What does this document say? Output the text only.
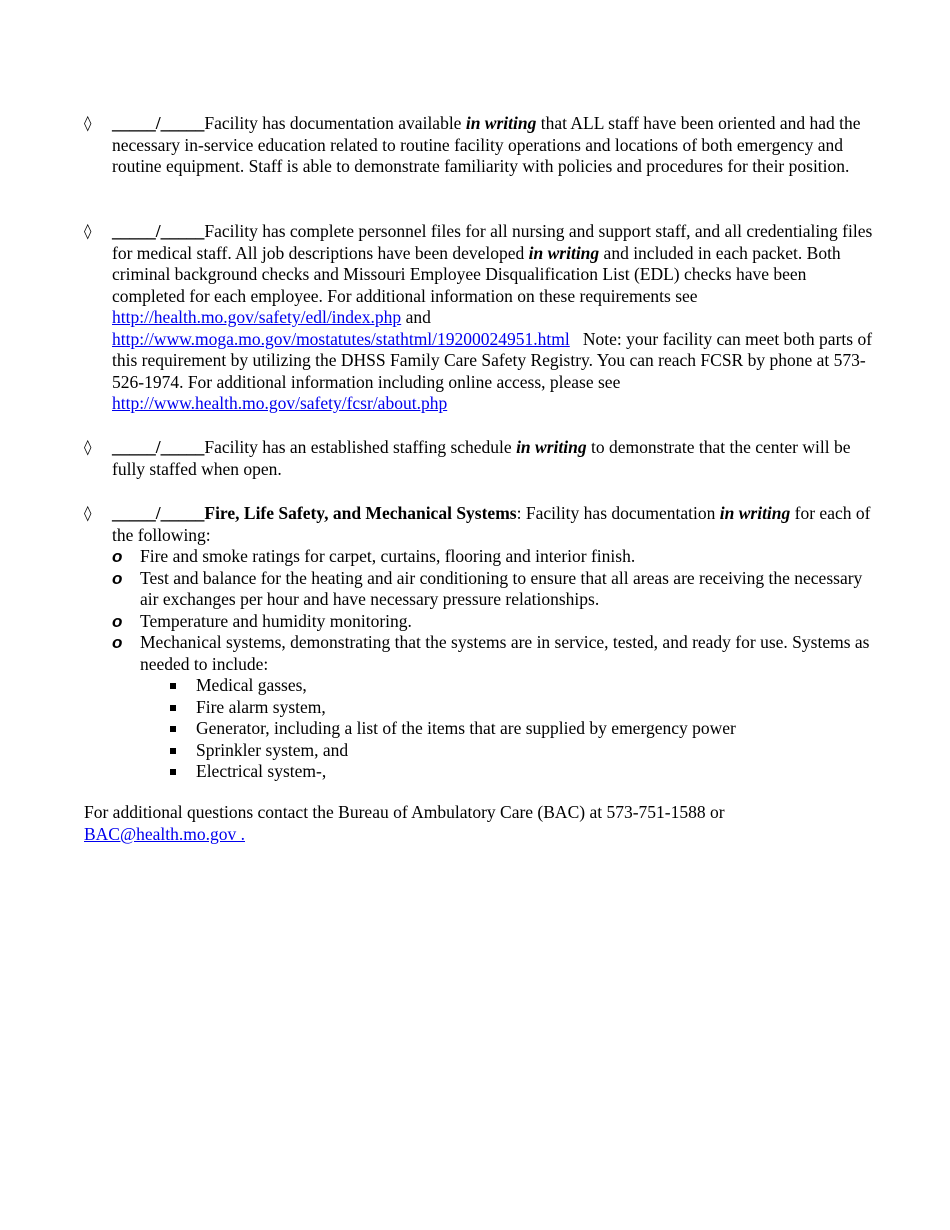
◊	_____/_____Facility has documentation available in writing that ALL staff have been oriented and had the necessary in-service education related to routine facility operations and locations of both emergency and routine equipment. Staff is able to demonstrate familiarity with policies and procedures for their position.
◊	_____/_____Facility has complete personnel files for all nursing and support staff, and all credentialing files for medical staff. All job descriptions have been developed in writing and included in each packet. Both criminal background checks and Missouri Employee Disqualification List (EDL) checks have been completed for each employee. For additional information on these requirements see    http://health.mo.gov/safety/edl/index.php and
http://www.moga.mo.gov/mostatutes/stathtml/19200024951.html   Note: your facility can meet both parts of this requirement by utilizing the DHSS Family Care Safety Registry. You can reach FCSR by phone at 573-526-1974. For additional information including online access, please see
http://www.health.mo.gov/safety/fcsr/about.php
◊	_____/_____Facility has an established staffing schedule in writing to demonstrate that the center will be fully staffed when open.
◊	_____/_____Fire, Life Safety, and Mechanical Systems: Facility has documentation in writing for each of the following:
o Fire and smoke ratings for carpet, curtains, flooring and interior finish.
o Test and balance for the heating and air conditioning to ensure that all areas are receiving the necessary air exchanges per hour and have necessary pressure relationships.
o Temperature and humidity monitoring.
o Mechanical systems, demonstrating that the systems are in service, tested, and ready for use. Systems as needed to include:
Medical gasses,
Fire alarm system,
Generator, including a list of the items that are supplied by emergency power
Sprinkler system, and
Electrical system-,
For additional questions contact the Bureau of Ambulatory Care (BAC) at 573-751-1588 or
BAC@health.mo.gov .
